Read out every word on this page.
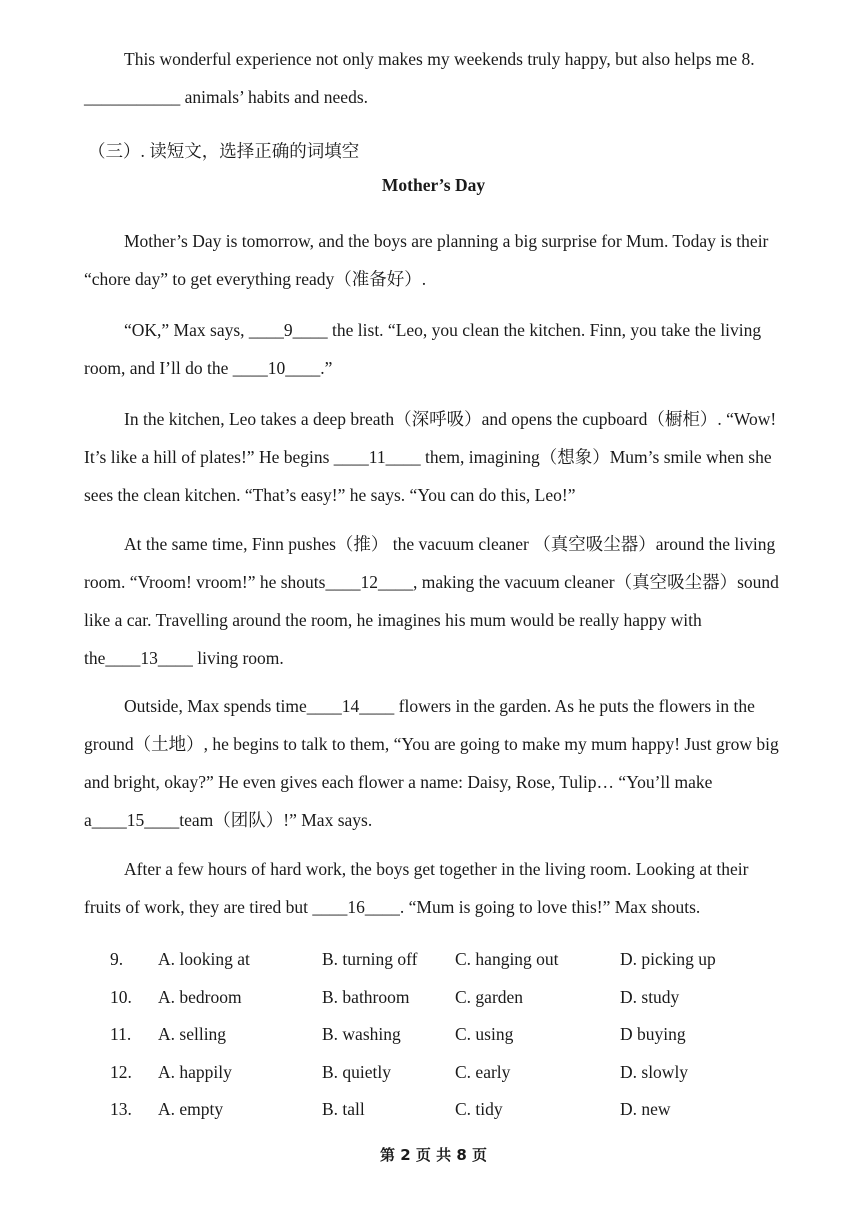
This wonderful experience not only makes my weekends truly happy, but also helps me 8. ___________ animals’ habits and needs.

（三）. 读短文，选择正确的词填空
Mother’s Day

Mother’s Day is tomorrow, and the boys are planning a big surprise for Mum. Today is their “chore day” to get everything ready（准备好）.

“OK,” Max says, ____9____ the list. “Leo, you clean the kitchen. Finn, you take the living room, and I’ll do the ____10____.”

In the kitchen, Leo takes a deep breath（深呼吸）and opens the cupboard（橱柜）. “Wow! It’s like a hill of plates!” He begins ____11____ them, imagining（想象）Mum’s smile when she sees the clean kitchen. “That’s easy!” he says. “You can do this, Leo!”

At the same time, Finn pushes（推） the vacuum cleaner （真空吸尘器）around the living room. “Vroom! vroom!” he shouts____12____, making the vacuum cleaner（真空吸尘器）sound like a car. Travelling around the room, he imagines his mum would be really happy with the____13____ living room.

Outside, Max spends time____14____ flowers in the garden. As he puts the flowers in the ground（土地）, he begins to talk to them, “You are going to make my mum happy! Just grow big and bright, okay?” He even gives each flower a name: Daisy, Rose, Tulip… “You’ll make a____15____team（团队）!” Max says.

After a few hours of hard work, the boys get together in the living room. Looking at their fruits of work, they are tired but ____16____. “Mum is going to love this!” Max shouts.

9. A. looking at	B. turning off C. hanging out	D. picking up
10. A. bedroom	B. bathroom	C. garden	D. study
11. A. selling	B. washing	C. using	D buying
12. A. happily	B. quietly	C. early	D. slowly
13. A. empty	B. tall	C. tidy	D. new
第 2 页 共 8 页
